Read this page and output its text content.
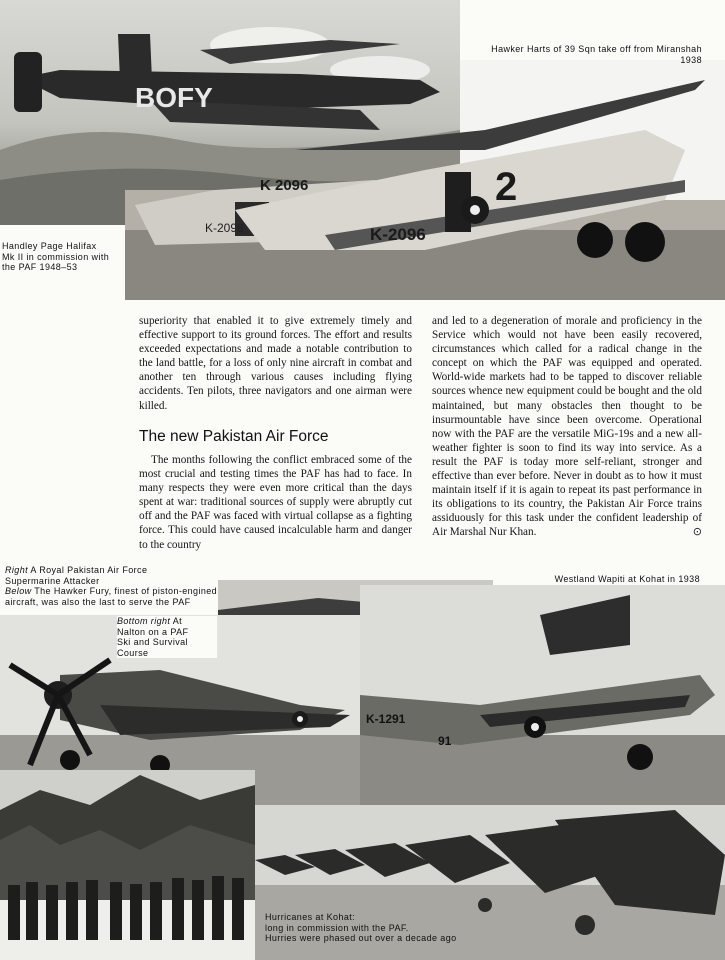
BOFY
K-2098
K 2096	2
K-2096
Hawker Harts of 39 Sqn take off from Miranshah
1938
Handley Page Halifax
Mk II in commission with
the PAF 1948–53

superiority that enabled it to give extremely timely and effective support to its ground forces. The effort and results exceeded expectations and made a notable contribution to the land battle, for a loss of only nine aircraft in combat and another ten through various causes including flying accidents. Ten pilots, three navigators and one airman were killed.

The new Pakistan Air Force

The months following the conflict embraced some of the most crucial and testing times the PAF has had to face. In many respects they were even more critical than the days spent at war: traditional sources of supply were abruptly cut off and the PAF was faced with virtual collapse as a fighting force. This could have caused incalculable harm and danger to the country

and led to a degeneration of morale and proficiency in the Service which would not have been easily recovered, circumstances which called for a radical change in the concept on which the PAF was equipped and operated. World-wide markets had to be tapped to discover reliable sources whence new equipment could be bought and the old maintained, but many obstacles then thought to be insurmountable have since been overcome. Operational now with the PAF are the versatile MiG-19s and a new all-weather fighter is soon to find its way into service. As a result the PAF is today more self-reliant, stronger and effective than ever before. Never in doubt as to how it must maintain itself if it is again to repeat its past performance in its obligations to its country, the Pakistan Air Force trains assiduously for this task under the confident leadership of Air Marshal Nur Khan.	⊙

Right A Royal Pakistan Air Force
Supermarine Attacker
Below The Hawker Fury, finest of piston-engined
aircraft, was also the last to serve the PAF
Westland Wapiti at Kohat in 1938
K-1291
91
Bottom right At
Nalton on a PAF
Ski and Survival
Course
Hurricanes at Kohat:
long in commission with the PAF.
Hurries were phased out over a decade ago
